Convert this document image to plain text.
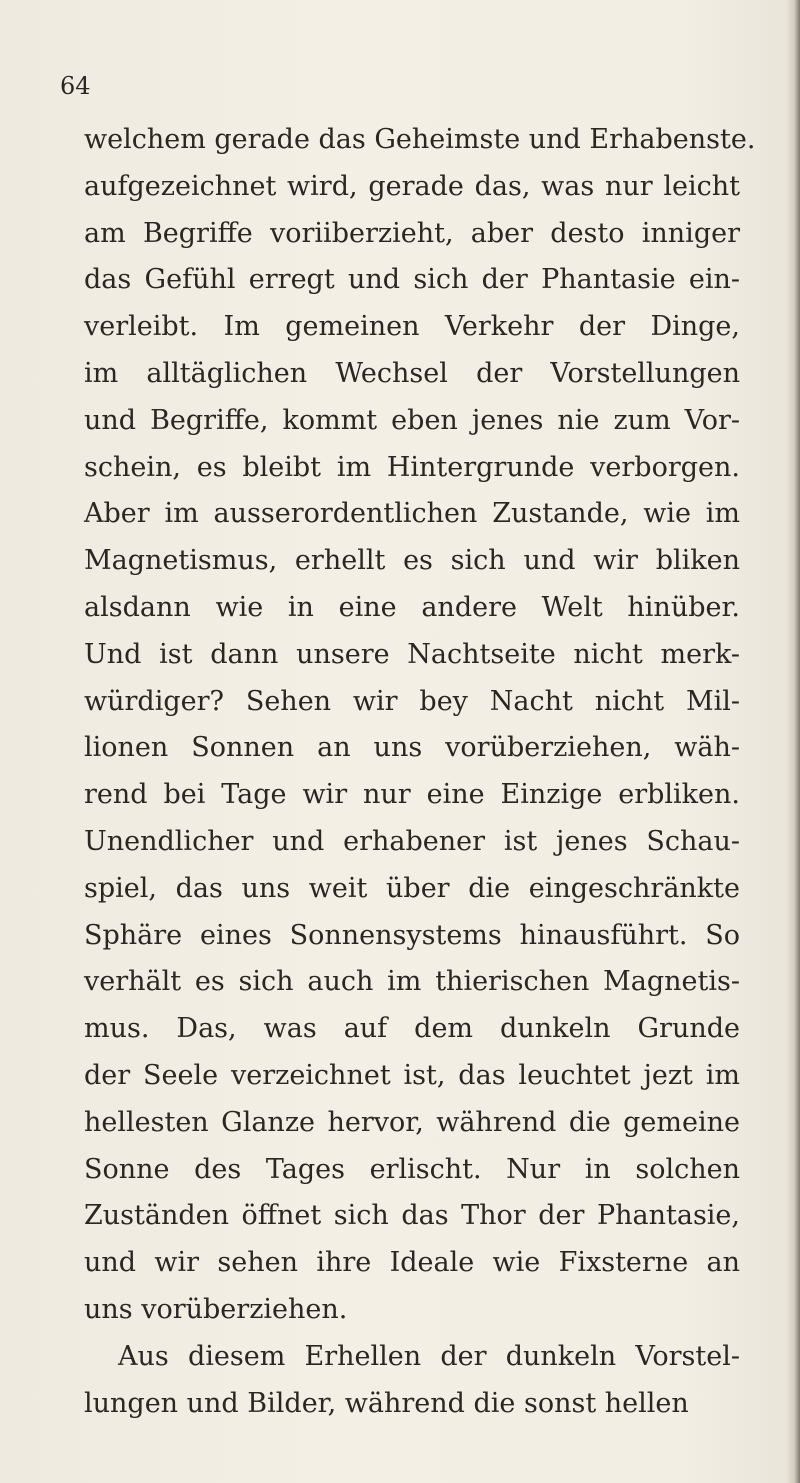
64
welchem gerade das Geheimste und Erhabenste.
aufgezeichnet wird, gerade das, was nur leicht
am Begriffe voriiberzieht, aber desto inniger
das Gefühl erregt und sich der Phantasie ein-
verleibt. Im gemeinen Verkehr der Dinge,
im alltäglichen Wechsel der Vorstellungen
und Begriffe, kommt eben jenes nie zum Vor-
schein, es bleibt im Hintergrunde verborgen.
Aber im ausserordentlichen Zustande, wie im
Magnetismus, erhellt es sich und wir bliken
alsdann wie in eine andere Welt hinüber.
Und ist dann unsere Nachtseite nicht merk-
würdiger? Sehen wir bey Nacht nicht Mil-
lionen Sonnen an uns vorüberziehen, wäh-
rend bei Tage wir nur eine Einzige erbliken.
Unendlicher und erhabener ist jenes Schau-
spiel, das uns weit über die eingeschränkte
Sphäre eines Sonnensystems hinausführt. So
verhält es sich auch im thierischen Magnetis-
mus. Das, was auf dem dunkeln Grunde
der Seele verzeichnet ist, das leuchtet jezt im
hellesten Glanze hervor, während die gemeine
Sonne des Tages erlischt. Nur in solchen
Zuständen öffnet sich das Thor der Phantasie,
und wir sehen ihre Ideale wie Fixsterne an
uns vorüberziehen.
Aus diesem Erhellen der dunkeln Vorstel-
lungen und Bilder, während die sonst hellen
